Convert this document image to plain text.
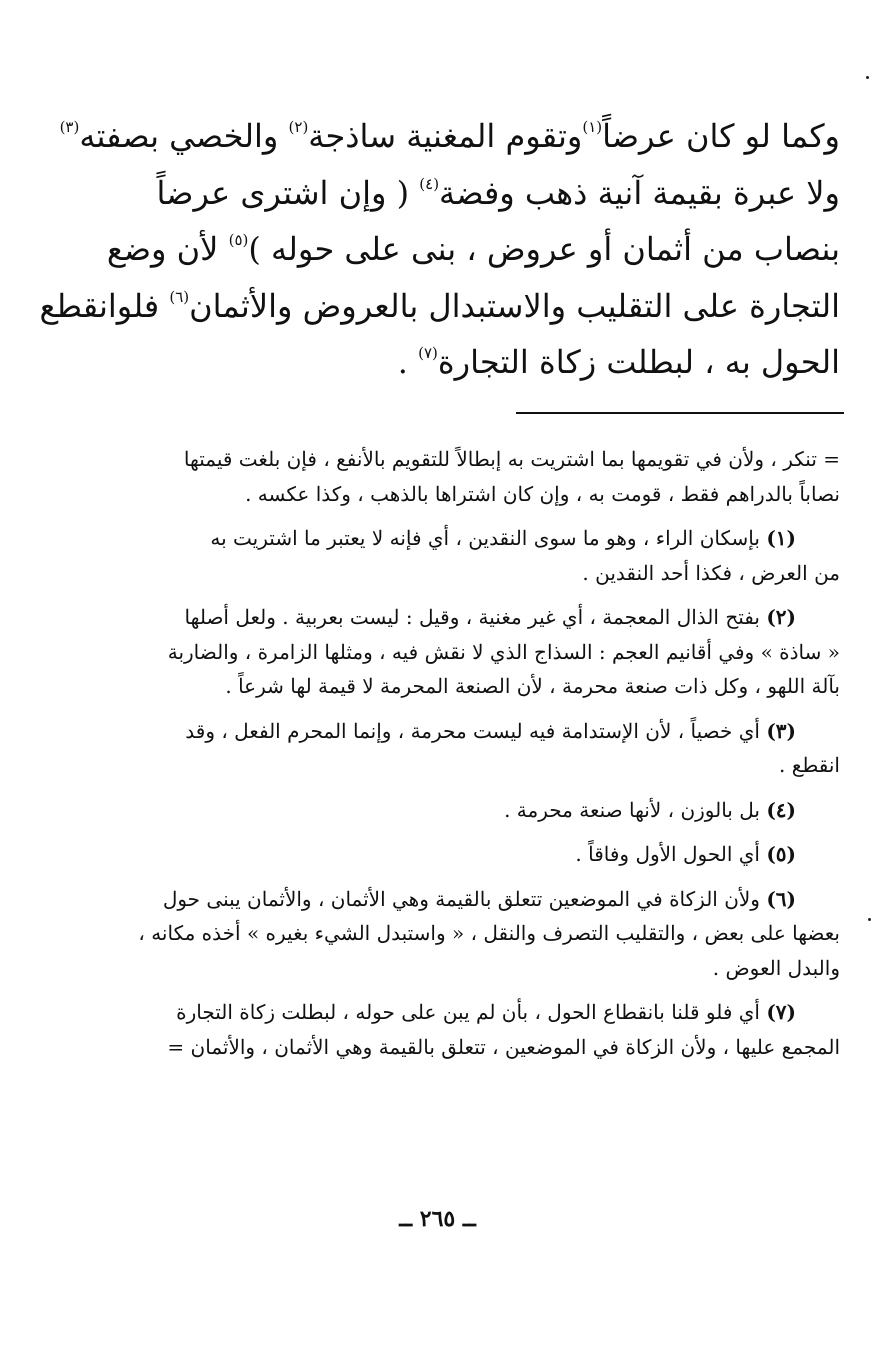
وكما لو كان عرضاً$^{(١)}$وتقوم المغنية ساذجة$^{(٢)}$ والخصي بصفته$^{(٣)}$
ولا عبرة بقيمة آنية ذهب وفضة$^{(٤)}$ ( وإن اشترى عرضاً
بنصاب من أثمان أو عروض ، بنى على حوله )$^{(٥)}$ لأن وضع
التجارة على التقليب والاستبدال بالعروض والأثمان$^{(٦)}$ فلوانقطع
الحول به ، لبطلت زكاة التجارة$^{(٧)}$ .
= تنكر ، ولأن في تقويمها بما اشتريت به إبطالاً للتقويم بالأنفع ، فإن بلغت قيمتها
نصاباً بالدراهم فقط ، قومت به ، وإن كان اشتراها بالذهب ، وكذا عكسه .
(١) بإسكان الراء ، وهو ما سوى النقدين ، أي فإنه لا يعتبر ما اشتريت به
من العرض ، فكذا أحد النقدين .
(٢) بفتح الذال المعجمة ، أي غير مغنية ، وقيل : ليست بعربية . ولعل أصلها
« ساذة » وفي أقانيم العجم : السذاج الذي لا نقش فيه ، ومثلها الزامرة ، والضاربة
بآلة اللهو ، وكل ذات صنعة محرمة ، لأن الصنعة المحرمة لا قيمة لها شرعاً .
(٣) أي خصياً ، لأن الإستدامة فيه ليست محرمة ، وإنما المحرم الفعل ، وقد
انقطع .
(٤) بل بالوزن ، لأنها صنعة محرمة .
(٥) أي الحول الأول وفاقاً .
(٦) ولأن الزكاة في الموضعين تتعلق بالقيمة وهي الأثمان ، والأثمان يبنى حول
بعضها على بعض ، والتقليب التصرف والنقل ، « واستبدل الشيء بغيره » أخذه مكانه ،
والبدل العوض .
(٧) أي فلو قلنا بانقطاع الحول ، بأن لم يبن على حوله ، لبطلت زكاة التجارة
المجمع عليها ، ولأن الزكاة في الموضعين ، تتعلق بالقيمة وهي الأثمان ، والأثمان =
ــ ٢٦٥ ــ
